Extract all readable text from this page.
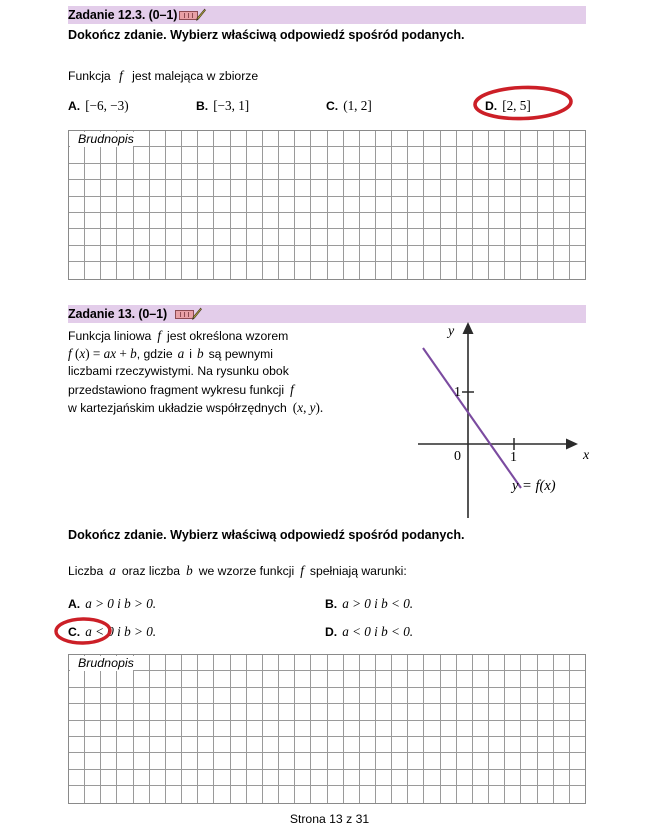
Zadanie 12.3. (0–1)
Dokończ zdanie. Wybierz właściwą odpowiedź spośród podanych.
Funkcja f jest malejąca w zbiorze
A. [−6, −3)	B. [−3, 1]	C. (1, 2]	D. [2, 5]
Brudnopis
Zadanie 13. (0–1)
Funkcja liniowa f jest określona wzorem
f (x) = ax + b, gdzie a i b są pewnymi
liczbami rzeczywistymi. Na rysunku obok
przedstawiono fragment wykresu funkcji f
w kartezjańskim układzie współrzędnych (x, y).
y
x
1
1
0
y = f(x)
Dokończ zdanie. Wybierz właściwą odpowiedź spośród podanych.
Liczba a oraz liczba b we wzorze funkcji f spełniają warunki:
A. a > 0 i b > 0.	B. a > 0 i b < 0.
C. a < 0 i b > 0.	D. a < 0 i b < 0.
Brudnopis
Strona 13 z 31
